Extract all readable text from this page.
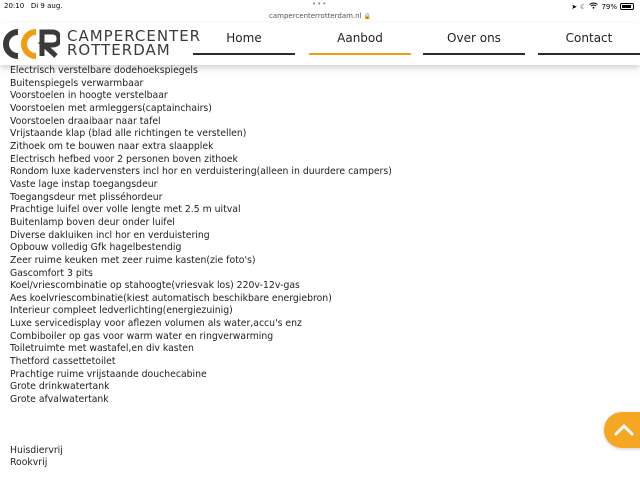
20:10 Di 9 aug.	•••	➤ ☾ 79%
campercenterrotterdam.nl 🔒
CAMPERCENTER
ROTTERDAM
Home	Aanbod	Over ons	Contact
Electrisch verstelbare dodehoekspiegels
Buitenspiegels verwarmbaar
Voorstoelen in hoogte verstelbaar
Voorstoelen met armleggers(captainchairs)
Voorstoelen draaibaar naar tafel
Vrijstaande klap (blad alle richtingen te verstellen)
Zithoek om te bouwen naar extra slaapplek
Electrisch hefbed voor 2 personen boven zithoek
Rondom luxe kadervensters incl hor en verduistering(alleen in duurdere campers)
Vaste lage instap toegangsdeur
Toegangsdeur met plisséhordeur
Prachtige luifel over volle lengte met 2.5 m uitval
Buitenlamp boven deur onder luifel
Diverse dakluiken incl hor en verduistering
Opbouw volledig Gfk hagelbestendig
Zeer ruime keuken met zeer ruime kasten(zie foto's)
Gascomfort 3 pits
Koel/vriescombinatie op stahoogte(vriesvak los) 220v-12v-gas
Aes koelvriescombinatie(kiest automatisch beschikbare energiebron)
Interieur compleet ledverlichting(energiezuinig)
Luxe servicedisplay voor aflezen volumen als water,accu's enz
Combiboiler op gas voor warm water en ringverwarming
Toiletruimte met wastafel,en div kasten
Thetford cassettetoilet
Prachtige ruime vrijstaande douchecabine
Grote drinkwatertank
Grote afvalwatertank
Huisdiervrij
Rookvrij
